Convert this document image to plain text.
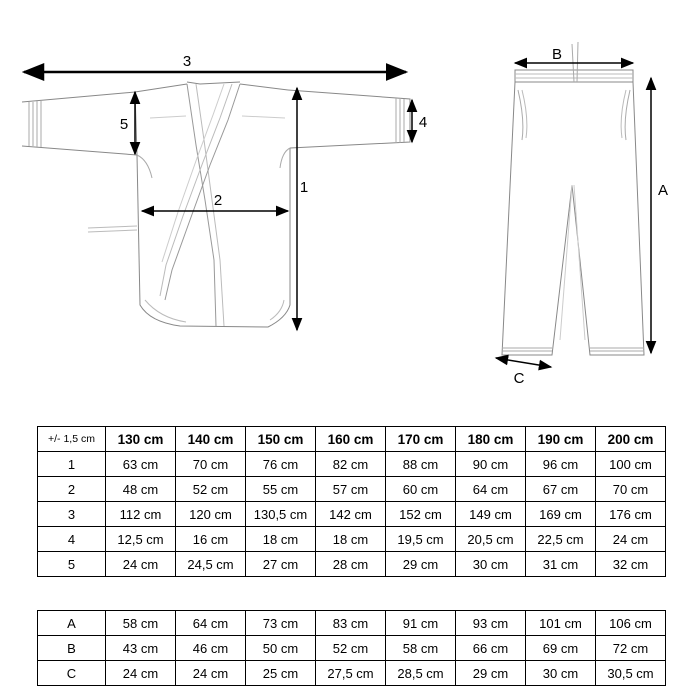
3
2
1
4
5
B
A
C
+/- 1,5 cm	130 cm	140 cm	150 cm	160 cm	170 cm	180 cm	190 cm	200 cm
1	63 cm	70 cm	76 cm	82 cm	88 cm	90 cm	96 cm	100 cm
2	48 cm	52 cm	55 cm	57 cm	60 cm	64 cm	67 cm	70 cm
3	112 cm	120 cm	130,5 cm	142 cm	152 cm	149 cm	169 cm	176 cm
4	12,5 cm	16 cm	18 cm	18 cm	19,5 cm	20,5 cm	22,5 cm	24 cm
5	24 cm	24,5 cm	27 cm	28 cm	29 cm	30 cm	31 cm	32 cm
A	58 cm	64 cm	73 cm	83 cm	91 cm	93 cm	101 cm	106 cm
B	43 cm	46 cm	50 cm	52 cm	58 cm	66 cm	69 cm	72 cm
C	24 cm	24 cm	25 cm	27,5 cm	28,5 cm	29 cm	30 cm	30,5 cm
